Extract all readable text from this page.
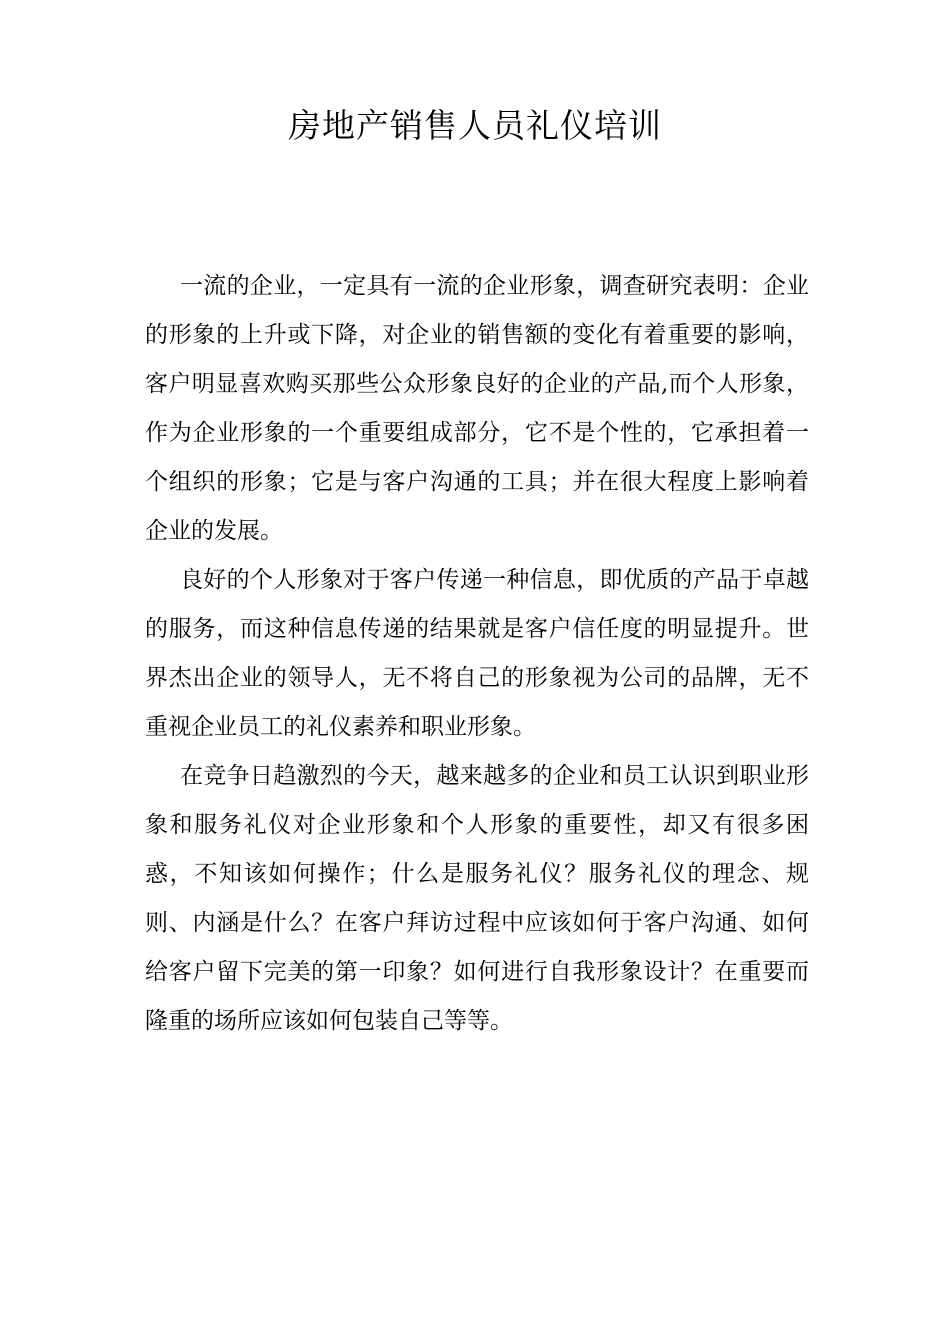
房地产销售人员礼仪培训

一流的企业，一定具有一流的企业形象，调查研究表明：企业的形象的上升或下降，对企业的销售额的变化有着重要的影响，客户明显喜欢购买那些公众形象良好的企业的产品,而个人形象，作为企业形象的一个重要组成部分，它不是个性的，它承担着一个组织的形象；它是与客户沟通的工具；并在很大程度上影响着企业的发展。

良好的个人形象对于客户传递一种信息，即优质的产品于卓越的服务，而这种信息传递的结果就是客户信任度的明显提升。世界杰出企业的领导人，无不将自己的形象视为公司的品牌，无不重视企业员工的礼仪素养和职业形象。

在竞争日趋激烈的今天，越来越多的企业和员工认识到职业形象和服务礼仪对企业形象和个人形象的重要性，却又有很多困惑，不知该如何操作；什么是服务礼仪？服务礼仪的理念、规则、内涵是什么？在客户拜访过程中应该如何于客户沟通、如何给客户留下完美的第一印象？如何进行自我形象设计？在重要而隆重的场所应该如何包装自己等等。
